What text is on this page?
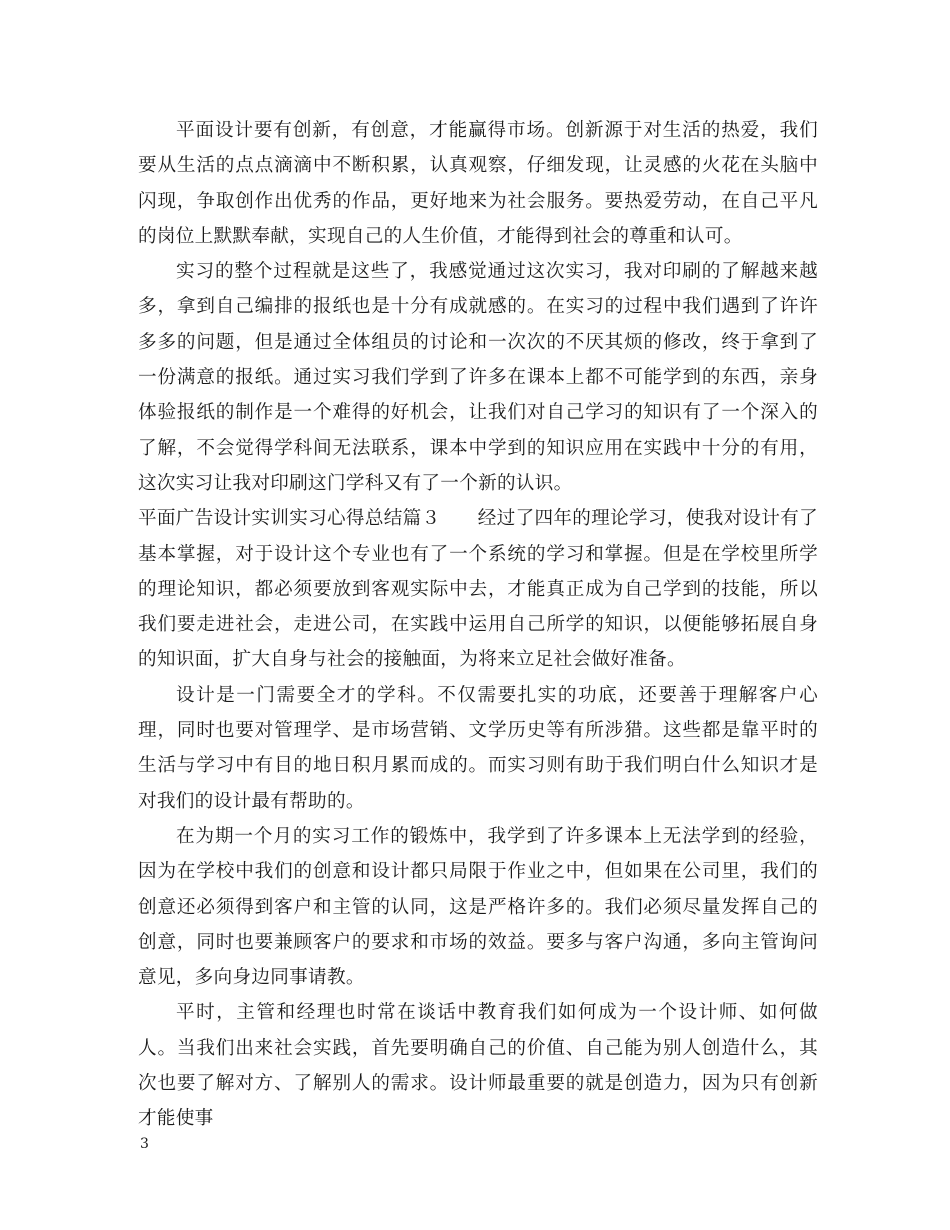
平面设计要有创新，有创意，才能赢得市场。创新源于对生活的热爱，我们要从生活的点点滴滴中不断积累，认真观察，仔细发现，让灵感的火花在头脑中闪现，争取创作出优秀的作品，更好地来为社会服务。要热爱劳动，在自己平凡的岗位上默默奉献，实现自己的人生价值，才能得到社会的尊重和认可。

实习的整个过程就是这些了，我感觉通过这次实习，我对印刷的了解越来越多，拿到自己编排的报纸也是十分有成就感的。在实习的过程中我们遇到了许许多多的问题，但是通过全体组员的讨论和一次次的不厌其烦的修改，终于拿到了一份满意的报纸。通过实习我们学到了许多在课本上都不可能学到的东西，亲身体验报纸的制作是一个难得的好机会，让我们对自己学习的知识有了一个深入的了解，不会觉得学科间无法联系，课本中学到的知识应用在实践中十分的有用，这次实习让我对印刷这门学科又有了一个新的认识。

平面广告设计实训实习心得总结篇３ 经过了四年的理论学习，使我对设计有了基本掌握，对于设计这个专业也有了一个系统的学习和掌握。但是在学校里所学的理论知识，都必须要放到客观实际中去，才能真正成为自己学到的技能，所以我们要走进社会，走进公司，在实践中运用自己所学的知识，以便能够拓展自身的知识面，扩大自身与社会的接触面，为将来立足社会做好准备。

设计是一门需要全才的学科。不仅需要扎实的功底，还要善于理解客户心理，同时也要对管理学、是市场营销、文学历史等有所涉猎。这些都是靠平时的生活与学习中有目的地日积月累而成的。而实习则有助于我们明白什么知识才是对我们的设计最有帮助的。

在为期一个月的实习工作的锻炼中，我学到了许多课本上无法学到的经验，因为在学校中我们的创意和设计都只局限于作业之中，但如果在公司里，我们的创意还必须得到客户和主管的认同，这是严格许多的。我们必须尽量发挥自己的创意，同时也要兼顾客户的要求和市场的效益。要多与客户沟通，多向主管询问意见，多向身边同事请教。

平时，主管和经理也时常在谈话中教育我们如何成为一个设计师、如何做人。当我们出来社会实践，首先要明确自己的价值、自己能为别人创造什么，其次也要了解对方、了解别人的需求。设计师最重要的就是创造力，因为只有创新才能使事

3
